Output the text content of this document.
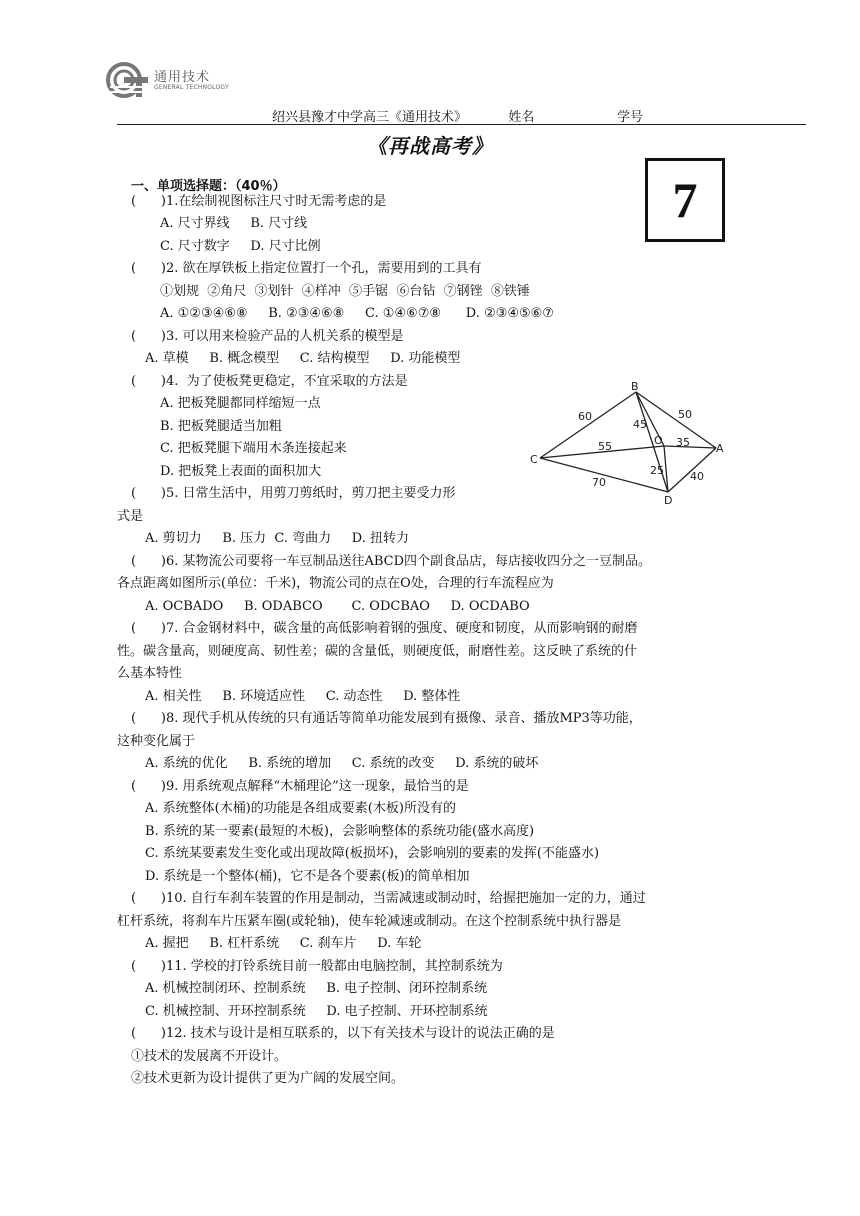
通用技术
GENERAL TECHNOLOGY
绍兴县豫才中学高三《通用技术》	姓名	学号
《再战高考》
7
一、单项选择题：（40％）
(      )1.在绘制视图标注尺寸时无需考虑的是
A. 尺寸界线     B. 尺寸线
C. 尺寸数字     D. 尺寸比例
(      )2. 欲在厚铁板上指定位置打一个孔，需要用到的工具有
①划规  ②角尺  ③划针  ④样冲  ⑤手锯  ⑥台钻  ⑦钢锉  ⑧铁锤
A. ①②③④⑥⑧     B. ②③④⑥⑧     C. ①④⑥⑦⑧      D. ②③④⑤⑥⑦
(      )3. 可以用来检验产品的人机关系的模型是
A. 草模     B. 概念模型     C. 结构模型     D. 功能模型
(      )4.  为了使板凳更稳定，不宜采取的方法是
A. 把板凳腿都同样缩短一点
B. 把板凳腿适当加粗
C. 把板凳腿下端用木条连接起来
D. 把板凳上表面的面积加大
(      )5. 日常生活中，用剪刀剪纸时，剪刀把主要受力形
式是
A. 剪切力     B. 压力  C. 弯曲力     D. 扭转力
(      )6. 某物流公司要将一车豆制品送往ABCD四个副食品店，每店接收四分之一豆制品。
各点距离如图所示(单位：千米)，物流公司的点在O处，合理的行车流程应为
A. OCBADO     B. ODABCO       C. ODCBAO     D. OCDABO
(      )7. 合金钢材料中，碳含量的高低影响着钢的强度、硬度和韧度，从而影响钢的耐磨
性。碳含量高，则硬度高、韧性差；碳的含量低，则硬度低，耐磨性差。这反映了系统的什
么基本特性
A. 相关性     B. 环境适应性     C. 动态性     D. 整体性
(      )8. 现代手机从传统的只有通话等简单功能发展到有摄像、录音、播放MP3等功能，
这种变化属于
A. 系统的优化     B. 系统的增加     C. 系统的改变     D. 系统的破坏
(      )9. 用系统观点解释“木桶理论”这一现象，最恰当的是
A. 系统整体(木桶)的功能是各组成要素(木板)所没有的
B. 系统的某一要素(最短的木板)，会影响整体的系统功能(盛水高度)
C. 系统某要素发生变化或出现故障(板损坏)，会影响别的要素的发挥(不能盛水)
D. 系统是一个整体(桶)，它不是各个要素(板)的简单相加
(      )10. 自行车刹车装置的作用是制动，当需减速或制动时，给握把施加一定的力，通过
杠杆系统，将刹车片压紧车圈(或轮轴)，使车轮减速或制动。在这个控制系统中执行器是
A. 握把     B. 杠杆系统     C. 刹车片     D. 车轮
(      )11. 学校的打铃系统目前一般都由电脑控制，其控制系统为
A. 机械控制闭环、控制系统     B. 电子控制、闭环控制系统
C. 机械控制、开环控制系统     D. 电子控制、开环控制系统
(      )12. 技术与设计是相互联系的，以下有关技术与设计的说法正确的是
①技术的发展离不开设计。
②技术更新为设计提供了更为广阔的发展空间。
B
A
C
D
O
60	50
45
55	35
25
70	40
